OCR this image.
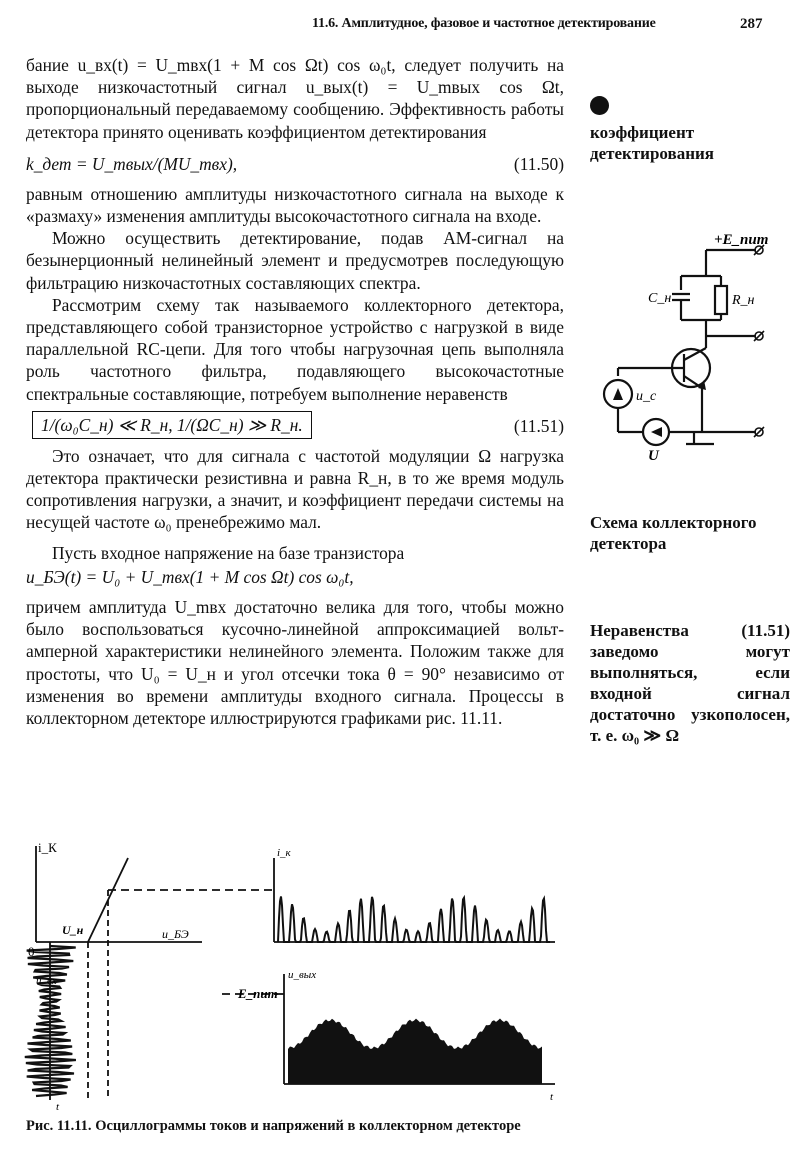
11.6. Амплитудное, фазовое и частотное детектирование	287

бание u_вх(t) = U_mвх(1 + M cos Ωt) cos ω₀t, следует получить на выходе низкочастотный сигнал u_вых(t) = U_mвых cos Ωt, пропорциональный передаваемому сообщению. Эффективность работы детектора принято оценивать коэффициентом детектирования

k_дет = U_mвых/(MU_mвх),	(11.50)

равным отношению амплитуды низкочастотного сигнала на выходе к «размаху» изменения амплитуды высокочастотного сигнала на входе.

Можно осуществить детектирование, подав АМ-сигнал на безынерционный нелинейный элемент и предусмотрев последующую фильтрацию низкочастотных составляющих спектра.

Рассмотрим схему так называемого коллекторного детектора, представляющего собой транзисторное устройство с нагрузкой в виде параллельной RC-цепи. Для того чтобы нагрузочная цепь выполняла роль частотного фильтра, подавляющего высокочастотные спектральные составляющие, потребуем выполнение неравенств

1/(ω₀C_н) ≪ R_н, 1/(ΩC_н) ≫ R_н.	(11.51)

Это означает, что для сигнала с частотой модуляции Ω нагрузка детектора практически резистивна и равна R_н, в то же время модуль сопротивления нагрузки, а значит, и коэффициент передачи системы на несущей частоте ω₀ пренебрежимо мал.

Пусть входное напряжение на базе транзистора

u_БЭ(t) = U₀ + U_mвх(1 + M cos Ωt) cos ω₀t,

причем амплитуда U_mвх достаточно велика для того, чтобы можно было воспользоваться кусочно-линейной аппроксимацией вольт-амперной характеристики нелинейного элемента. Положим также для простоты, что U₀ = U_н и угол отсечки тока θ = 90° независимо от изменения во времени амплитуды входного сигнала. Процессы в коллекторном детекторе иллюстрируются графиками рис. 11.11.

коэффициент детектирования
+E_пит
C_н	R_н
u_c
U
Схема коллекторного детектора
Неравенства (11.51) заведомо могут выполняться, если входной сигнал достаточно узкополосен, т. е. ω₀ ≫ Ω
i_К
U_н	u_БЭ
0
u_вх
t
i_к
u_вых
E_пит
t
Рис. 11.11. Осциллограммы токов и напряжений в коллекторном детекторе
